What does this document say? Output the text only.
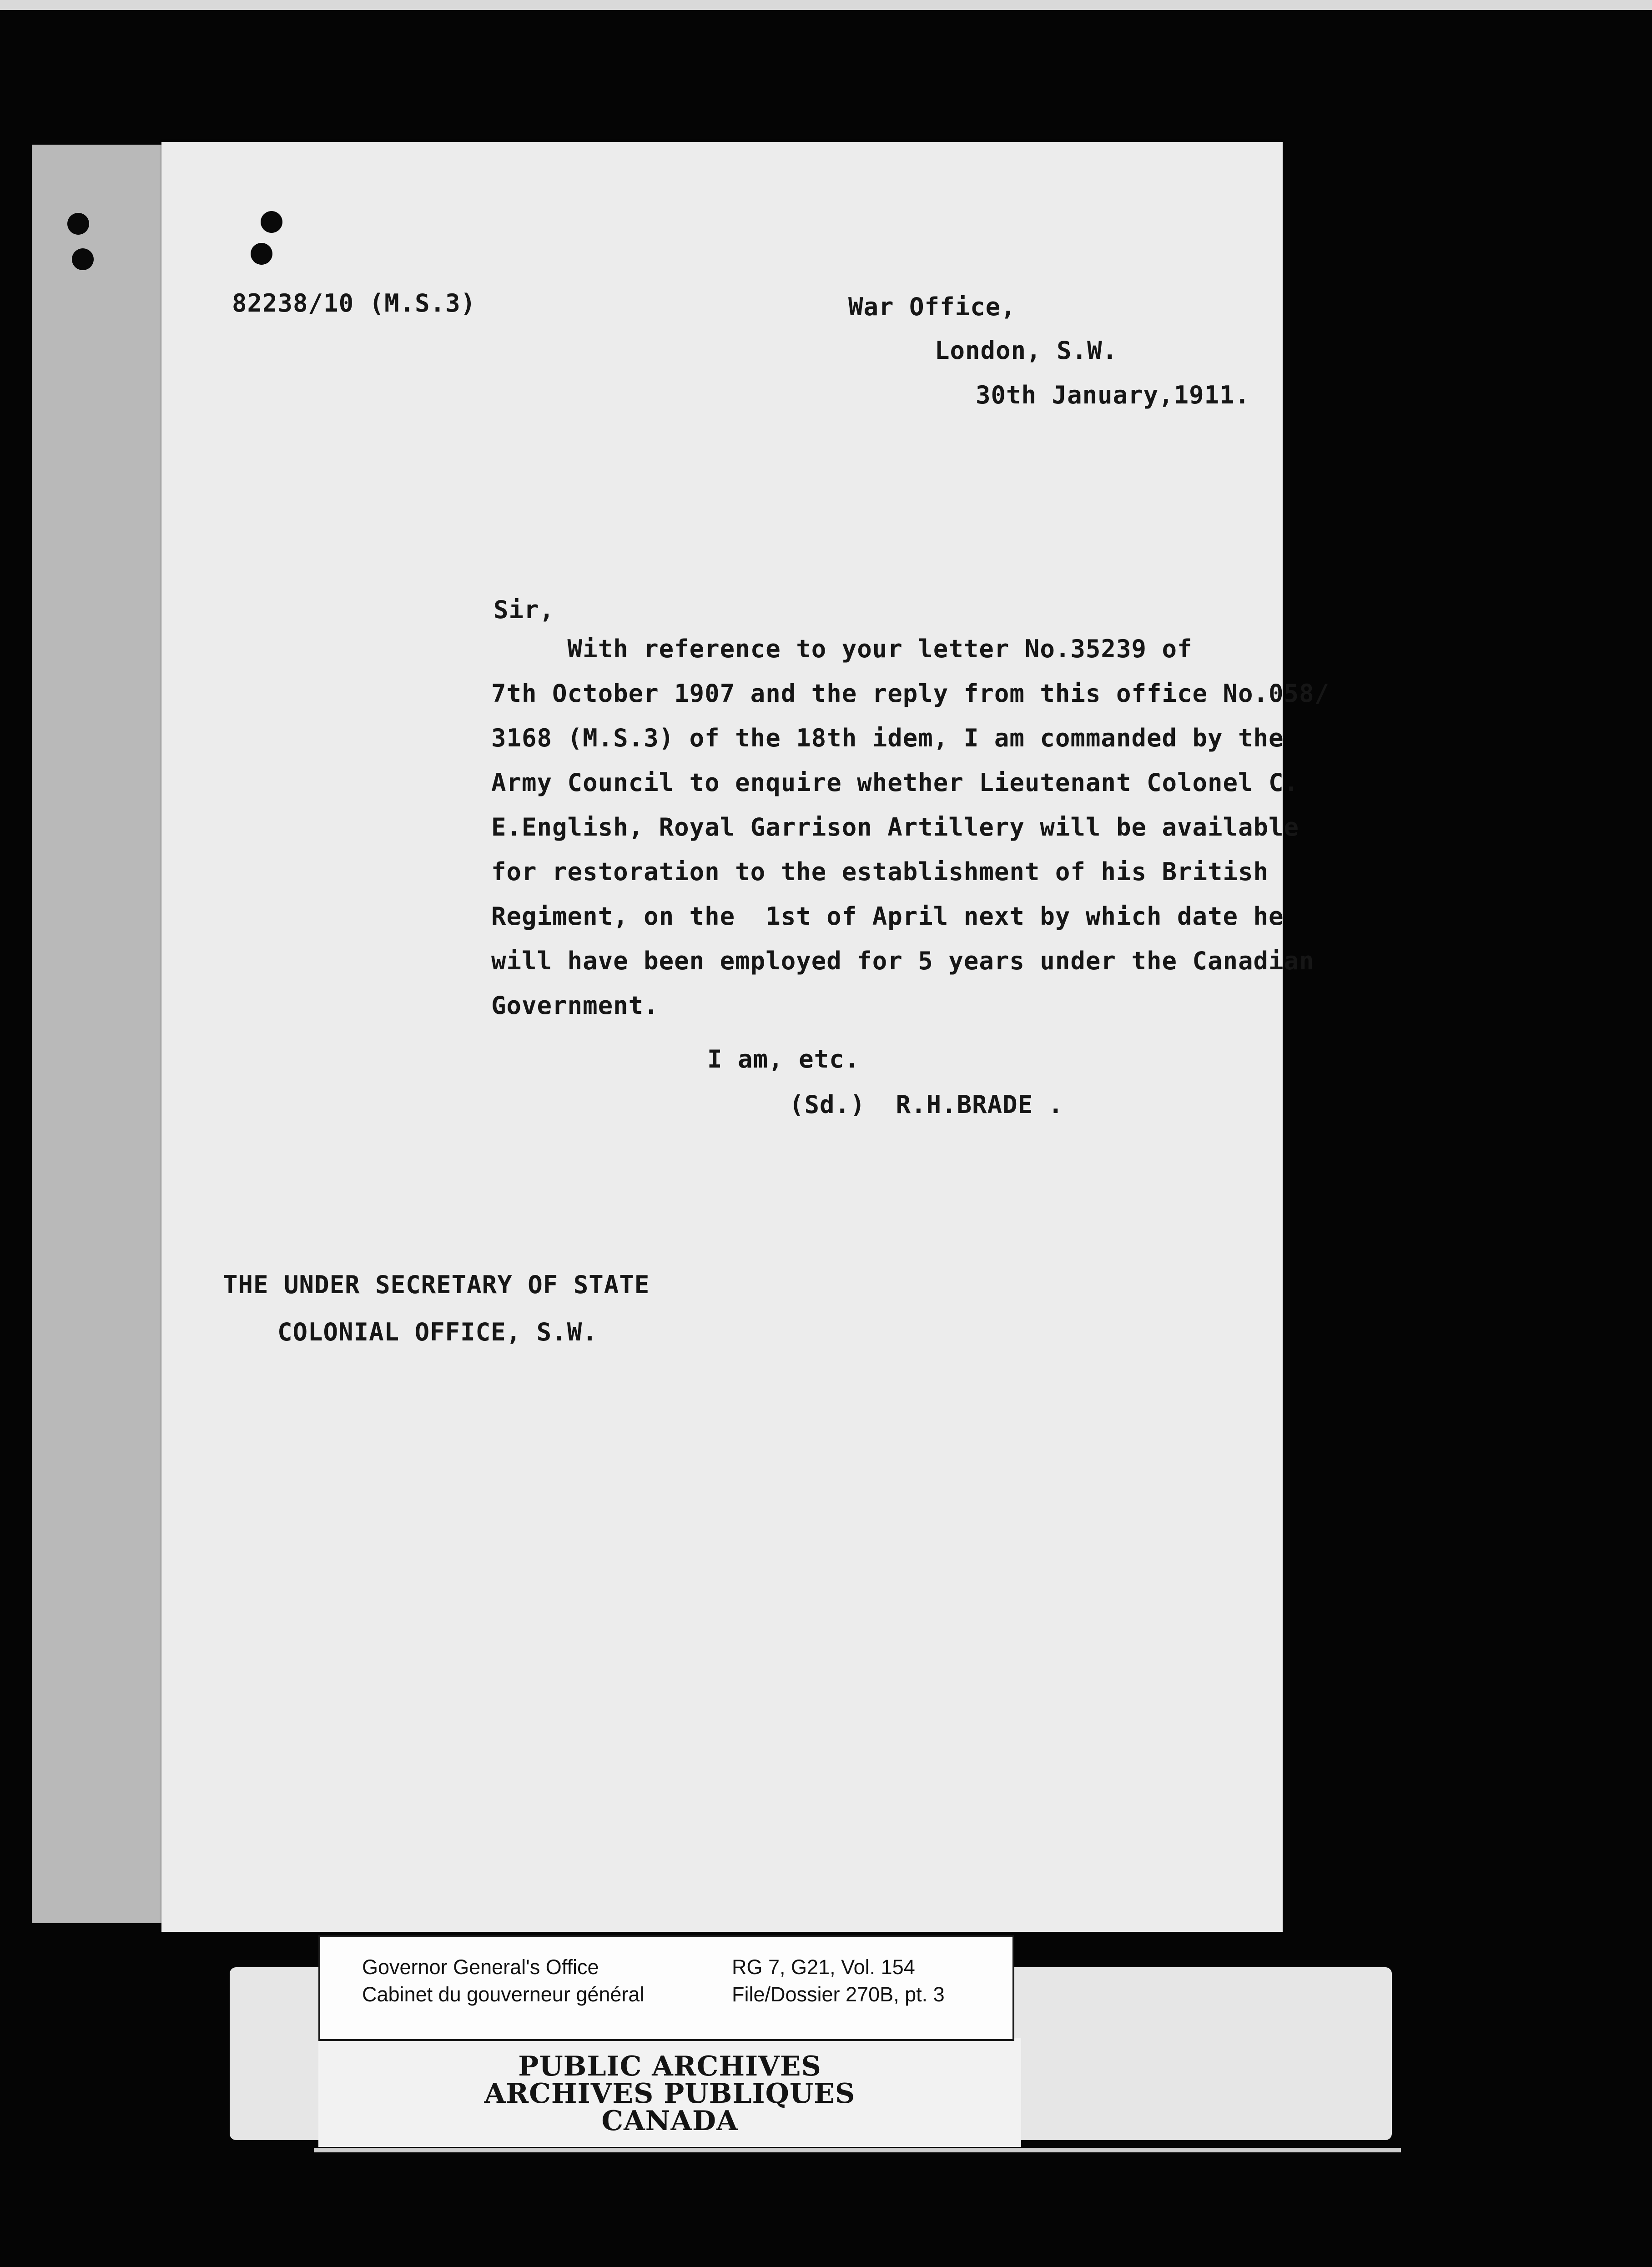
82238/10 (M.S.3)	War Office,
London, S.W.
30th January,1911.
Sir,
With reference to your letter No.35239 of
7th October 1907 and the reply from this office No.058/
3168 (M.S.3) of the 18th idem, I am commanded by the
Army Council to enquire whether Lieutenant Colonel C.
E.English, Royal Garrison Artillery will be available
for restoration to the establishment of his British
Regiment, on the  1st of April next by which date he
will have been employed for 5 years under the Canadian
Government.
I am, etc.
(Sd.)  R.H.BRADE .
THE UNDER SECRETARY OF STATE
COLONIAL OFFICE, S.W.
Governor General's Office
Cabinet du gouverneur général
RG 7, G21, Vol. 154
File/Dossier 270B, pt. 3
PUBLIC ARCHIVES
ARCHIVES PUBLIQUES
CANADA
